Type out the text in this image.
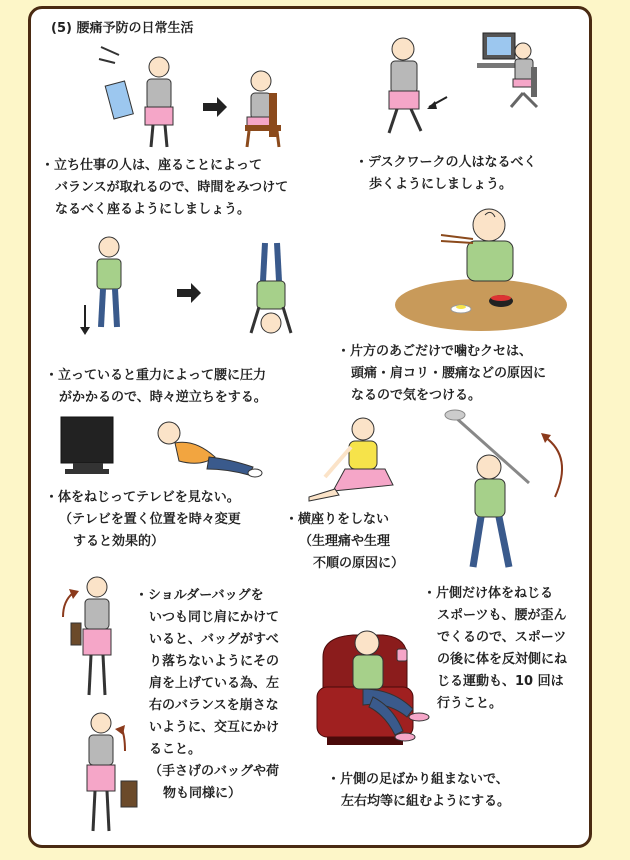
(5) 腰痛予防の日常生活
・立ち仕事の人は、座ることによって
バランスが取れるので、時間をみつけて
なるべく座るようにしましょう。
・デスクワークの人はなるべく
歩くようにしましょう。
・立っていると重力によって腰に圧力
がかかるので、時々逆立ちをする。
・片方のあごだけで噛むクセは、
頭痛・肩コリ・腰痛などの原因に
なるので気をつける。
・体をねじってテレビを見ない。
（テレビを置く位置を時々変更
すると効果的）
・横座りをしない
（生理痛や生理
不順の原因に）
・ショルダーバッグを
いつも同じ肩にかけて
いると、バッグがすべ
り落ちないようにその
肩を上げている為、左
右のバランスを崩さな
いように、交互にかけ
ること。
（手さげのバッグや荷
物も同様に）
・片側だけ体をねじる
スポーツも、腰が歪ん
でくるので、スポーツ
の後に体を反対側にね
じる運動も、10 回は
行うこと。
・片側の足ばかり組まないで、
左右均等に組むようにする。
